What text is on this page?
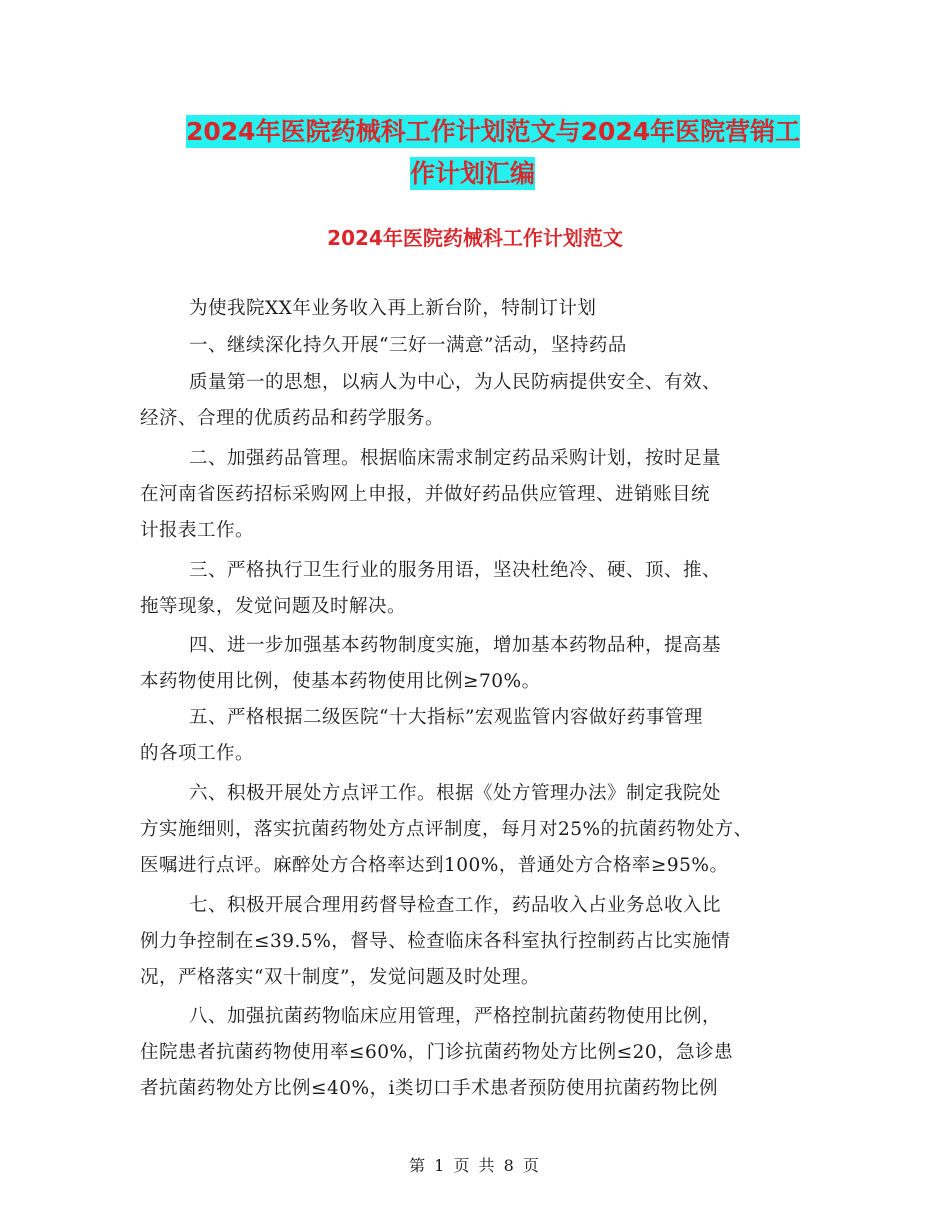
2024年医院药械科工作计划范文与2024年医院营销工
作计划汇编
2024年医院药械科工作计划范文
为使我院XX年业务收入再上新台阶，特制订计划
一、继续深化持久开展“三好一满意”活动，坚持药品
质量第一的思想，以病人为中心，为人民防病提供安全、有效、
经济、合理的优质药品和药学服务。
二、加强药品管理。根据临床需求制定药品采购计划，按时足量
在河南省医药招标采购网上申报，并做好药品供应管理、进销账目统
计报表工作。
三、严格执行卫生行业的服务用语，坚决杜绝冷、硬、顶、推、
拖等现象，发觉问题及时解决。
四、进一步加强基本药物制度实施，增加基本药物品种，提高基
本药物使用比例，使基本药物使用比例≥70%。
五、严格根据二级医院“十大指标”宏观监管内容做好药事管理
的各项工作。
六、积极开展处方点评工作。根据《处方管理办法》制定我院处
方实施细则，落实抗菌药物处方点评制度，每月对25%的抗菌药物处方、
医嘱进行点评。麻醉处方合格率达到100%，普通处方合格率≥95%。
七、积极开展合理用药督导检查工作，药品收入占业务总收入比
例力争控制在≤39.5%，督导、检查临床各科室执行控制药占比实施情
况，严格落实“双十制度”，发觉问题及时处理。
八、加强抗菌药物临床应用管理，严格控制抗菌药物使用比例，
住院患者抗菌药物使用率≤60%，门诊抗菌药物处方比例≤20，急诊患
者抗菌药物处方比例≤40%，ⅰ类切口手术患者预防使用抗菌药物比例
第 1 页 共 8 页
